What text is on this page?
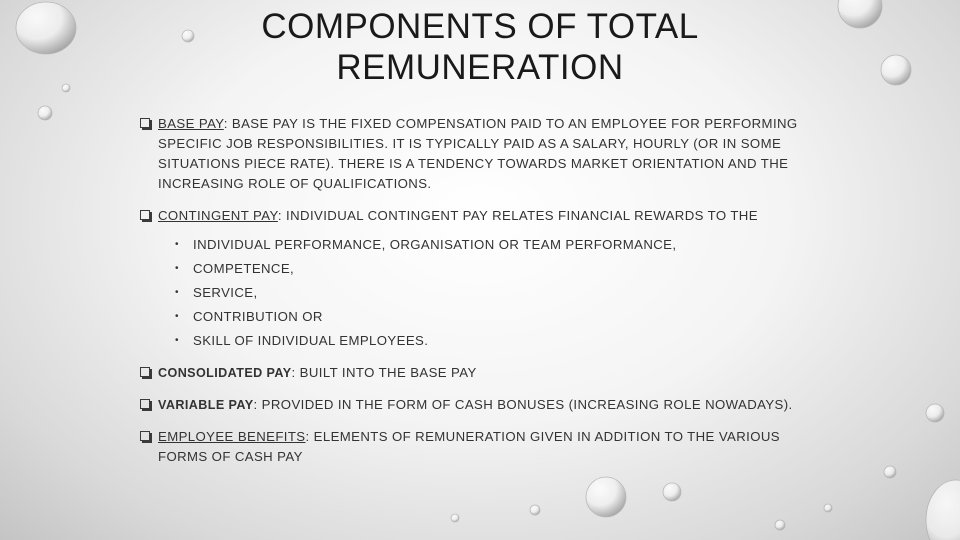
COMPONENTS OF TOTAL REMUNERATION
BASE PAY: BASE PAY IS THE FIXED COMPENSATION PAID TO AN EMPLOYEE FOR PERFORMING SPECIFIC JOB RESPONSIBILITIES. IT IS TYPICALLY PAID AS A SALARY, HOURLY (OR IN SOME SITUATIONS PIECE RATE). THERE IS A TENDENCY TOWARDS MARKET ORIENTATION AND THE INCREASING ROLE OF QUALIFICATIONS.
CONTINGENT PAY: INDIVIDUAL CONTINGENT PAY RELATES FINANCIAL REWARDS TO THE
• INDIVIDUAL PERFORMANCE, ORGANISATION OR TEAM PERFORMANCE,
• COMPETENCE,
• SERVICE,
• CONTRIBUTION OR
• SKILL OF INDIVIDUAL EMPLOYEES.
CONSOLIDATED PAY: BUILT INTO THE BASE PAY
VARIABLE PAY: PROVIDED IN THE FORM OF CASH BONUSES (INCREASING ROLE NOWADAYS).
EMPLOYEE BENEFITS: ELEMENTS OF REMUNERATION GIVEN IN ADDITION TO THE VARIOUS FORMS OF CASH PAY
